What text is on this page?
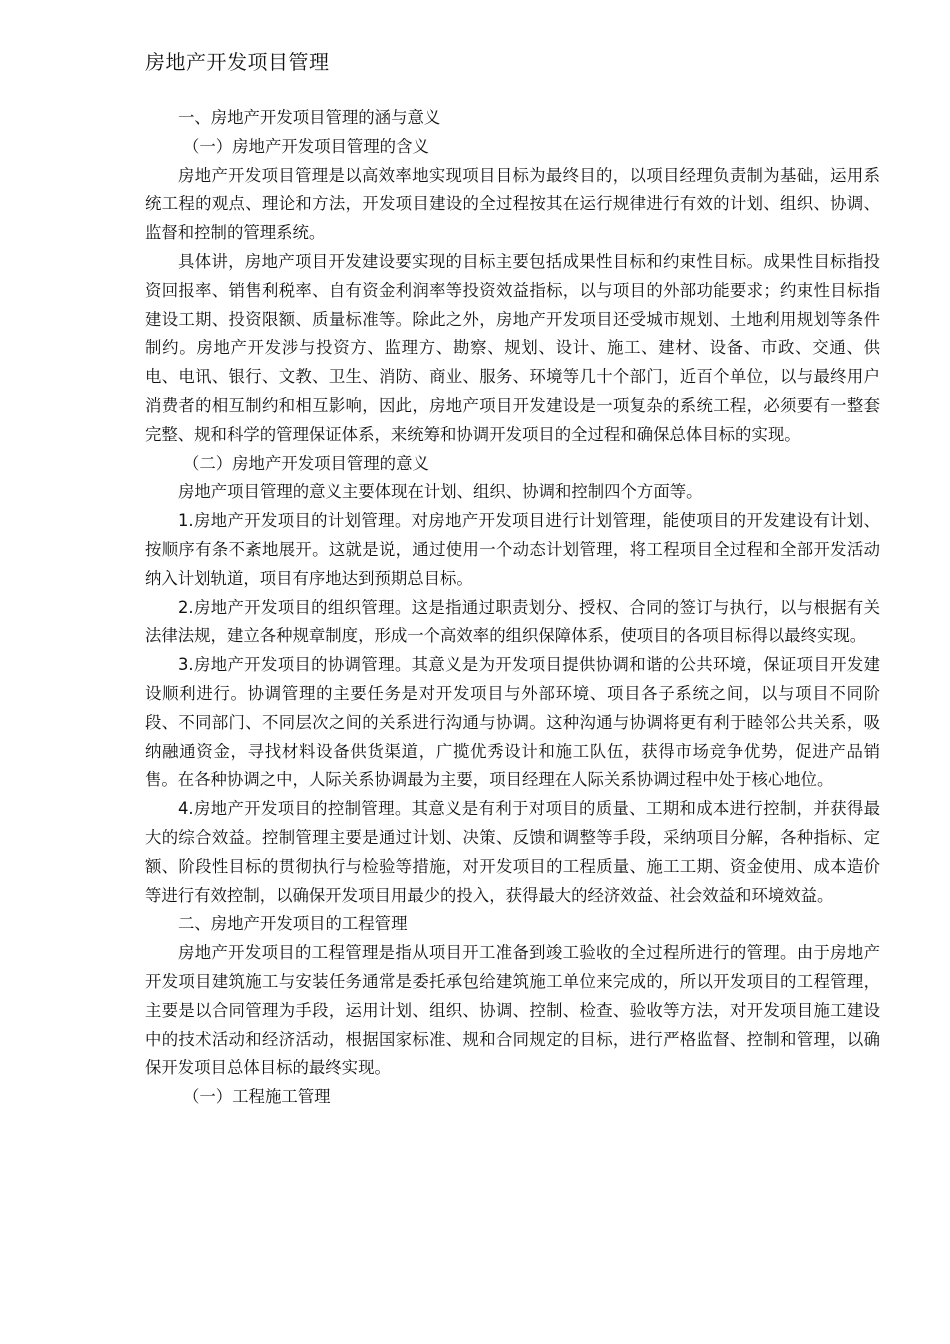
房地产开发项目管理

一、房地产开发项目管理的涵与意义

（一）房地产开发项目管理的含义

房地产开发项目管理是以高效率地实现项目目标为最终目的，以项目经理负责制为基础，运用系统工程的观点、理论和方法，开发项目建设的全过程按其在运行规律进行有效的计划、组织、协调、监督和控制的管理系统。

具体讲，房地产项目开发建设要实现的目标主要包括成果性目标和约束性目标。成果性目标指投资回报率、销售利税率、自有资金利润率等投资效益指标，以与项目的外部功能要求；约束性目标指建设工期、投资限额、质量标准等。除此之外，房地产开发项目还受城市规划、土地利用规划等条件制约。房地产开发涉与投资方、监理方、勘察、规划、设计、施工、建材、设备、市政、交通、供电、电讯、银行、文教、卫生、消防、商业、服务、环境等几十个部门，近百个单位，以与最终用户消费者的相互制约和相互影响，因此，房地产项目开发建设是一项复杂的系统工程，必须要有一整套完整、规和科学的管理保证体系，来统筹和协调开发项目的全过程和确保总体目标的实现。

（二）房地产开发项目管理的意义

房地产项目管理的意义主要体现在计划、组织、协调和控制四个方面等。

1.房地产开发项目的计划管理。对房地产开发项目进行计划管理，能使项目的开发建设有计划、按顺序有条不紊地展开。这就是说，通过使用一个动态计划管理，将工程项目全过程和全部开发活动纳入计划轨道，项目有序地达到预期总目标。

2.房地产开发项目的组织管理。这是指通过职责划分、授权、合同的签订与执行，以与根据有关法律法规，建立各种规章制度，形成一个高效率的组织保障体系，使项目的各项目标得以最终实现。

3.房地产开发项目的协调管理。其意义是为开发项目提供协调和谐的公共环境，保证项目开发建设顺利进行。协调管理的主要任务是对开发项目与外部环境、项目各子系统之间，以与项目不同阶段、不同部门、不同层次之间的关系进行沟通与协调。这种沟通与协调将更有利于睦邻公共关系，吸纳融通资金，寻找材料设备供货渠道，广揽优秀设计和施工队伍，获得市场竞争优势，促进产品销售。在各种协调之中，人际关系协调最为主要，项目经理在人际关系协调过程中处于核心地位。

4.房地产开发项目的控制管理。其意义是有利于对项目的质量、工期和成本进行控制，并获得最大的综合效益。控制管理主要是通过计划、决策、反馈和调整等手段，采纳项目分解，各种指标、定额、阶段性目标的贯彻执行与检验等措施，对开发项目的工程质量、施工工期、资金使用、成本造价等进行有效控制，以确保开发项目用最少的投入，获得最大的经济效益、社会效益和环境效益。

二、房地产开发项目的工程管理

房地产开发项目的工程管理是指从项目开工准备到竣工验收的全过程所进行的管理。由于房地产开发项目建筑施工与安装任务通常是委托承包给建筑施工单位来完成的，所以开发项目的工程管理，主要是以合同管理为手段，运用计划、组织、协调、控制、检查、验收等方法，对开发项目施工建设中的技术活动和经济活动，根据国家标准、规和合同规定的目标，进行严格监督、控制和管理，以确保开发项目总体目标的最终实现。

（一）工程施工管理
